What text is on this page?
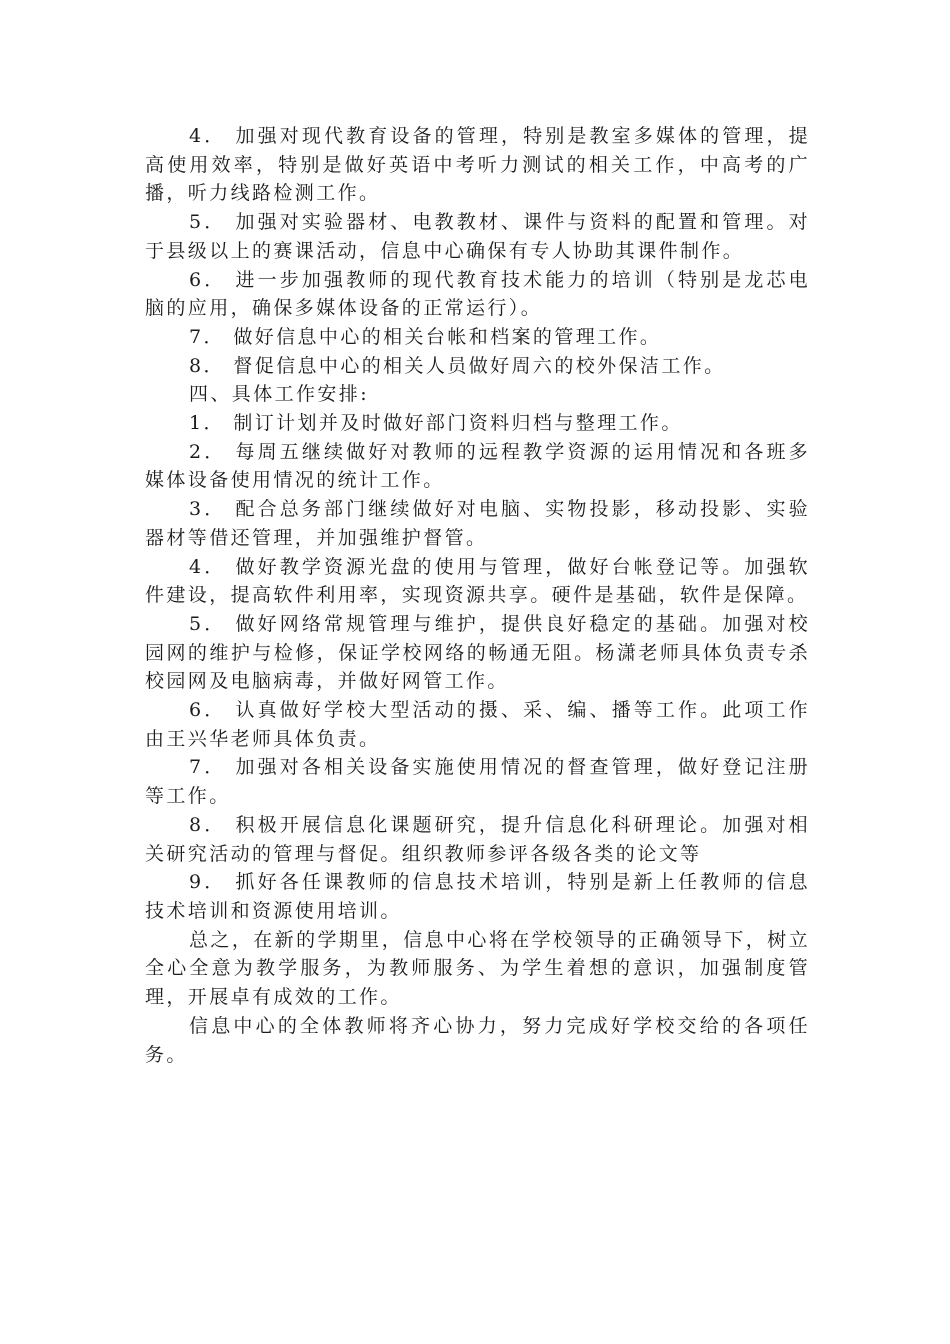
4． 加强对现代教育设备的管理，特别是教室多媒体的管理，提高使用效率，特别是做好英语中考听力测试的相关工作，中高考的广播，听力线路检测工作。

5． 加强对实验器材、电教教材、课件与资料的配置和管理。对于县级以上的赛课活动，信息中心确保有专人协助其课件制作。

6． 进一步加强教师的现代教育技术能力的培训（特别是龙芯电脑的应用，确保多媒体设备的正常运行）。

7． 做好信息中心的相关台帐和档案的管理工作。

8． 督促信息中心的相关人员做好周六的校外保洁工作。

四、具体工作安排:

1． 制订计划并及时做好部门资料归档与整理工作。

2． 每周五继续做好对教师的远程教学资源的运用情况和各班多媒体设备使用情况的统计工作。

3． 配合总务部门继续做好对电脑、实物投影，移动投影、实验器材等借还管理，并加强维护督管。

4． 做好教学资源光盘的使用与管理，做好台帐登记等。加强软件建设，提高软件利用率，实现资源共享。硬件是基础，软件是保障。

5． 做好网络常规管理与维护，提供良好稳定的基础。加强对校园网的维护与检修，保证学校网络的畅通无阻。杨潇老师具体负责专杀校园网及电脑病毒，并做好网管工作。

6． 认真做好学校大型活动的摄、采、编、播等工作。此项工作由王兴华老师具体负责。

7． 加强对各相关设备实施使用情况的督查管理，做好登记注册等工作。

8． 积极开展信息化课题研究，提升信息化科研理论。加强对相关研究活动的管理与督促。组织教师参评各级各类的论文等

9． 抓好各任课教师的信息技术培训，特别是新上任教师的信息技术培训和资源使用培训。

总之，在新的学期里，信息中心将在学校领导的正确领导下，树立全心全意为教学服务，为教师服务、为学生着想的意识，加强制度管理，开展卓有成效的工作。

信息中心的全体教师将齐心协力，努力完成好学校交给的各项任务。
